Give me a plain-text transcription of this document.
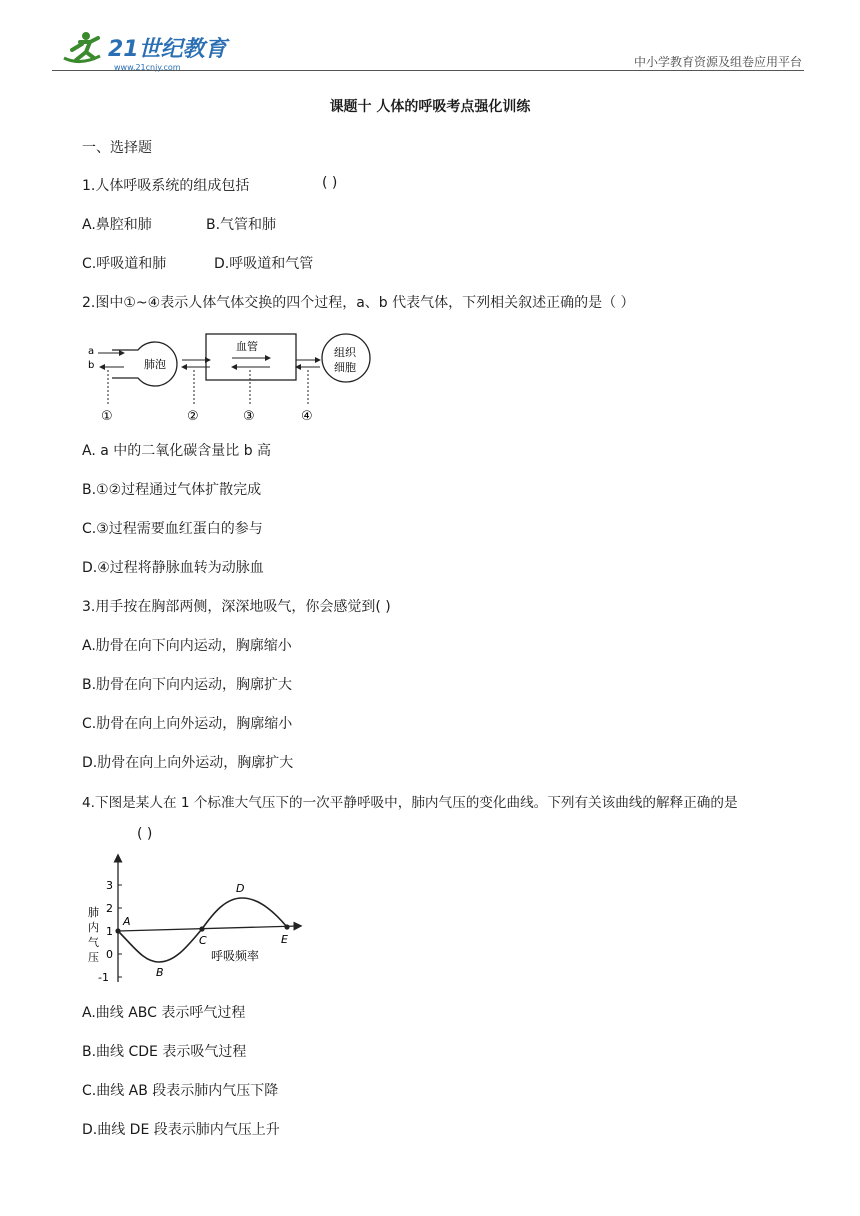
21世纪教育
www.21cnjy.com	中小学教育资源及组卷应用平台
课题十 人体的呼吸考点强化训练
一、选择题
1.人体呼吸系统的组成包括	( )
A.鼻腔和肺	B.气管和肺
C.呼吸道和肺	D.呼吸道和气管
2.图中①~④表示人体气体交换的四个过程，a、b 代表气体，下列相关叙述正确的是（ ）
肺泡
a
b
血管	组织
细胞
①	②	③	④
A. a 中的二氧化碳含量比 b 高
B.①②过程通过气体扩散完成
C.③过程需要血红蛋白的参与
D.④过程将静脉血转为动脉血
3.用手按在胸部两侧，深深地吸气，你会感觉到( )
A.肋骨在向下向内运动，胸廓缩小
B.肋骨在向下向内运动，胸廓扩大
C.肋骨在向上向外运动，胸廓缩小
D.肋骨在向上向外运动，胸廓扩大
4.下图是某人在 1 个标准大气压下的一次平静呼吸中，肺内气压的变化曲线。下列有关该曲线的解释正确的是
( )
3
2
1
0
-1
肺
内
气
压
A
B
C
D
E
呼吸频率
A.曲线 ABC 表示呼气过程
B.曲线 CDE 表示吸气过程
C.曲线 AB 段表示肺内气压下降
D.曲线 DE 段表示肺内气压上升
